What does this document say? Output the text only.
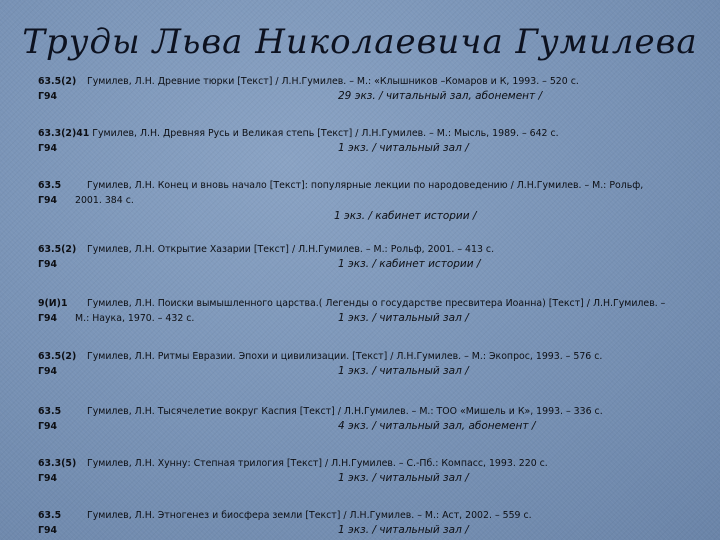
Труды Льва Николаевича Гумилева
63.5(2) Гумилев, Л.Н. Древние тюрки [Текст] / Л.Н.Гумилев. – М.: «Клышников –Комаров и К, 1993. – 520 с.
Г94	29 экз. / читальный зал, абонемент /
63.3(2)41 Гумилев, Л.Н. Древняя Русь и Великая степь [Текст] / Л.Н.Гумилев. – М.: Мысль, 1989. – 642 с.
Г94	1 экз. / читальный зал /
63.5	Гумилев, Л.Н. Конец и вновь начало [Текст]: популярные лекции по народоведению / Л.Н.Гумилев. – М.: Рольф,
Г94	2001. 384 с.
1 экз. / кабинет истории /
63.5(2) Гумилев, Л.Н. Открытие Хазарии [Текст] / Л.Н.Гумилев. – М.: Рольф, 2001. – 413 с.
Г94	1 экз. / кабинет истории /
9(И)1 Гумилев, Л.Н. Поиски вымышленного царства.( Легенды о государстве пресвитера Иоанна) [Текст] / Л.Н.Гумилев. –
Г94	М.: Наука, 1970. – 432 с.	1 экз. / читальный зал /
63.5(2) Гумилев, Л.Н. Ритмы Евразии. Эпохи и цивилизации. [Текст] / Л.Н.Гумилев. – М.: Экопрос, 1993. – 576 с.
Г94	1 экз. / читальный зал /
63.5	Гумилев, Л.Н. Тысячелетие вокруг Каспия [Текст] / Л.Н.Гумилев. – М.: ТОО «Мишель и К», 1993. – 336 с.
Г94	4 экз. / читальный зал, абонемент /
63.3(5) Гумилев, Л.Н. Хунну: Степная трилогия [Текст] / Л.Н.Гумилев. – С.-Пб.: Компасс, 1993. 220 с.
Г94	1 экз. / читальный зал /
63.5	Гумилев, Л.Н. Этногенез и биосфера земли [Текст] / Л.Н.Гумилев. – М.: Аст, 2002. – 559 с.
Г94	1 экз. / читальный зал /
